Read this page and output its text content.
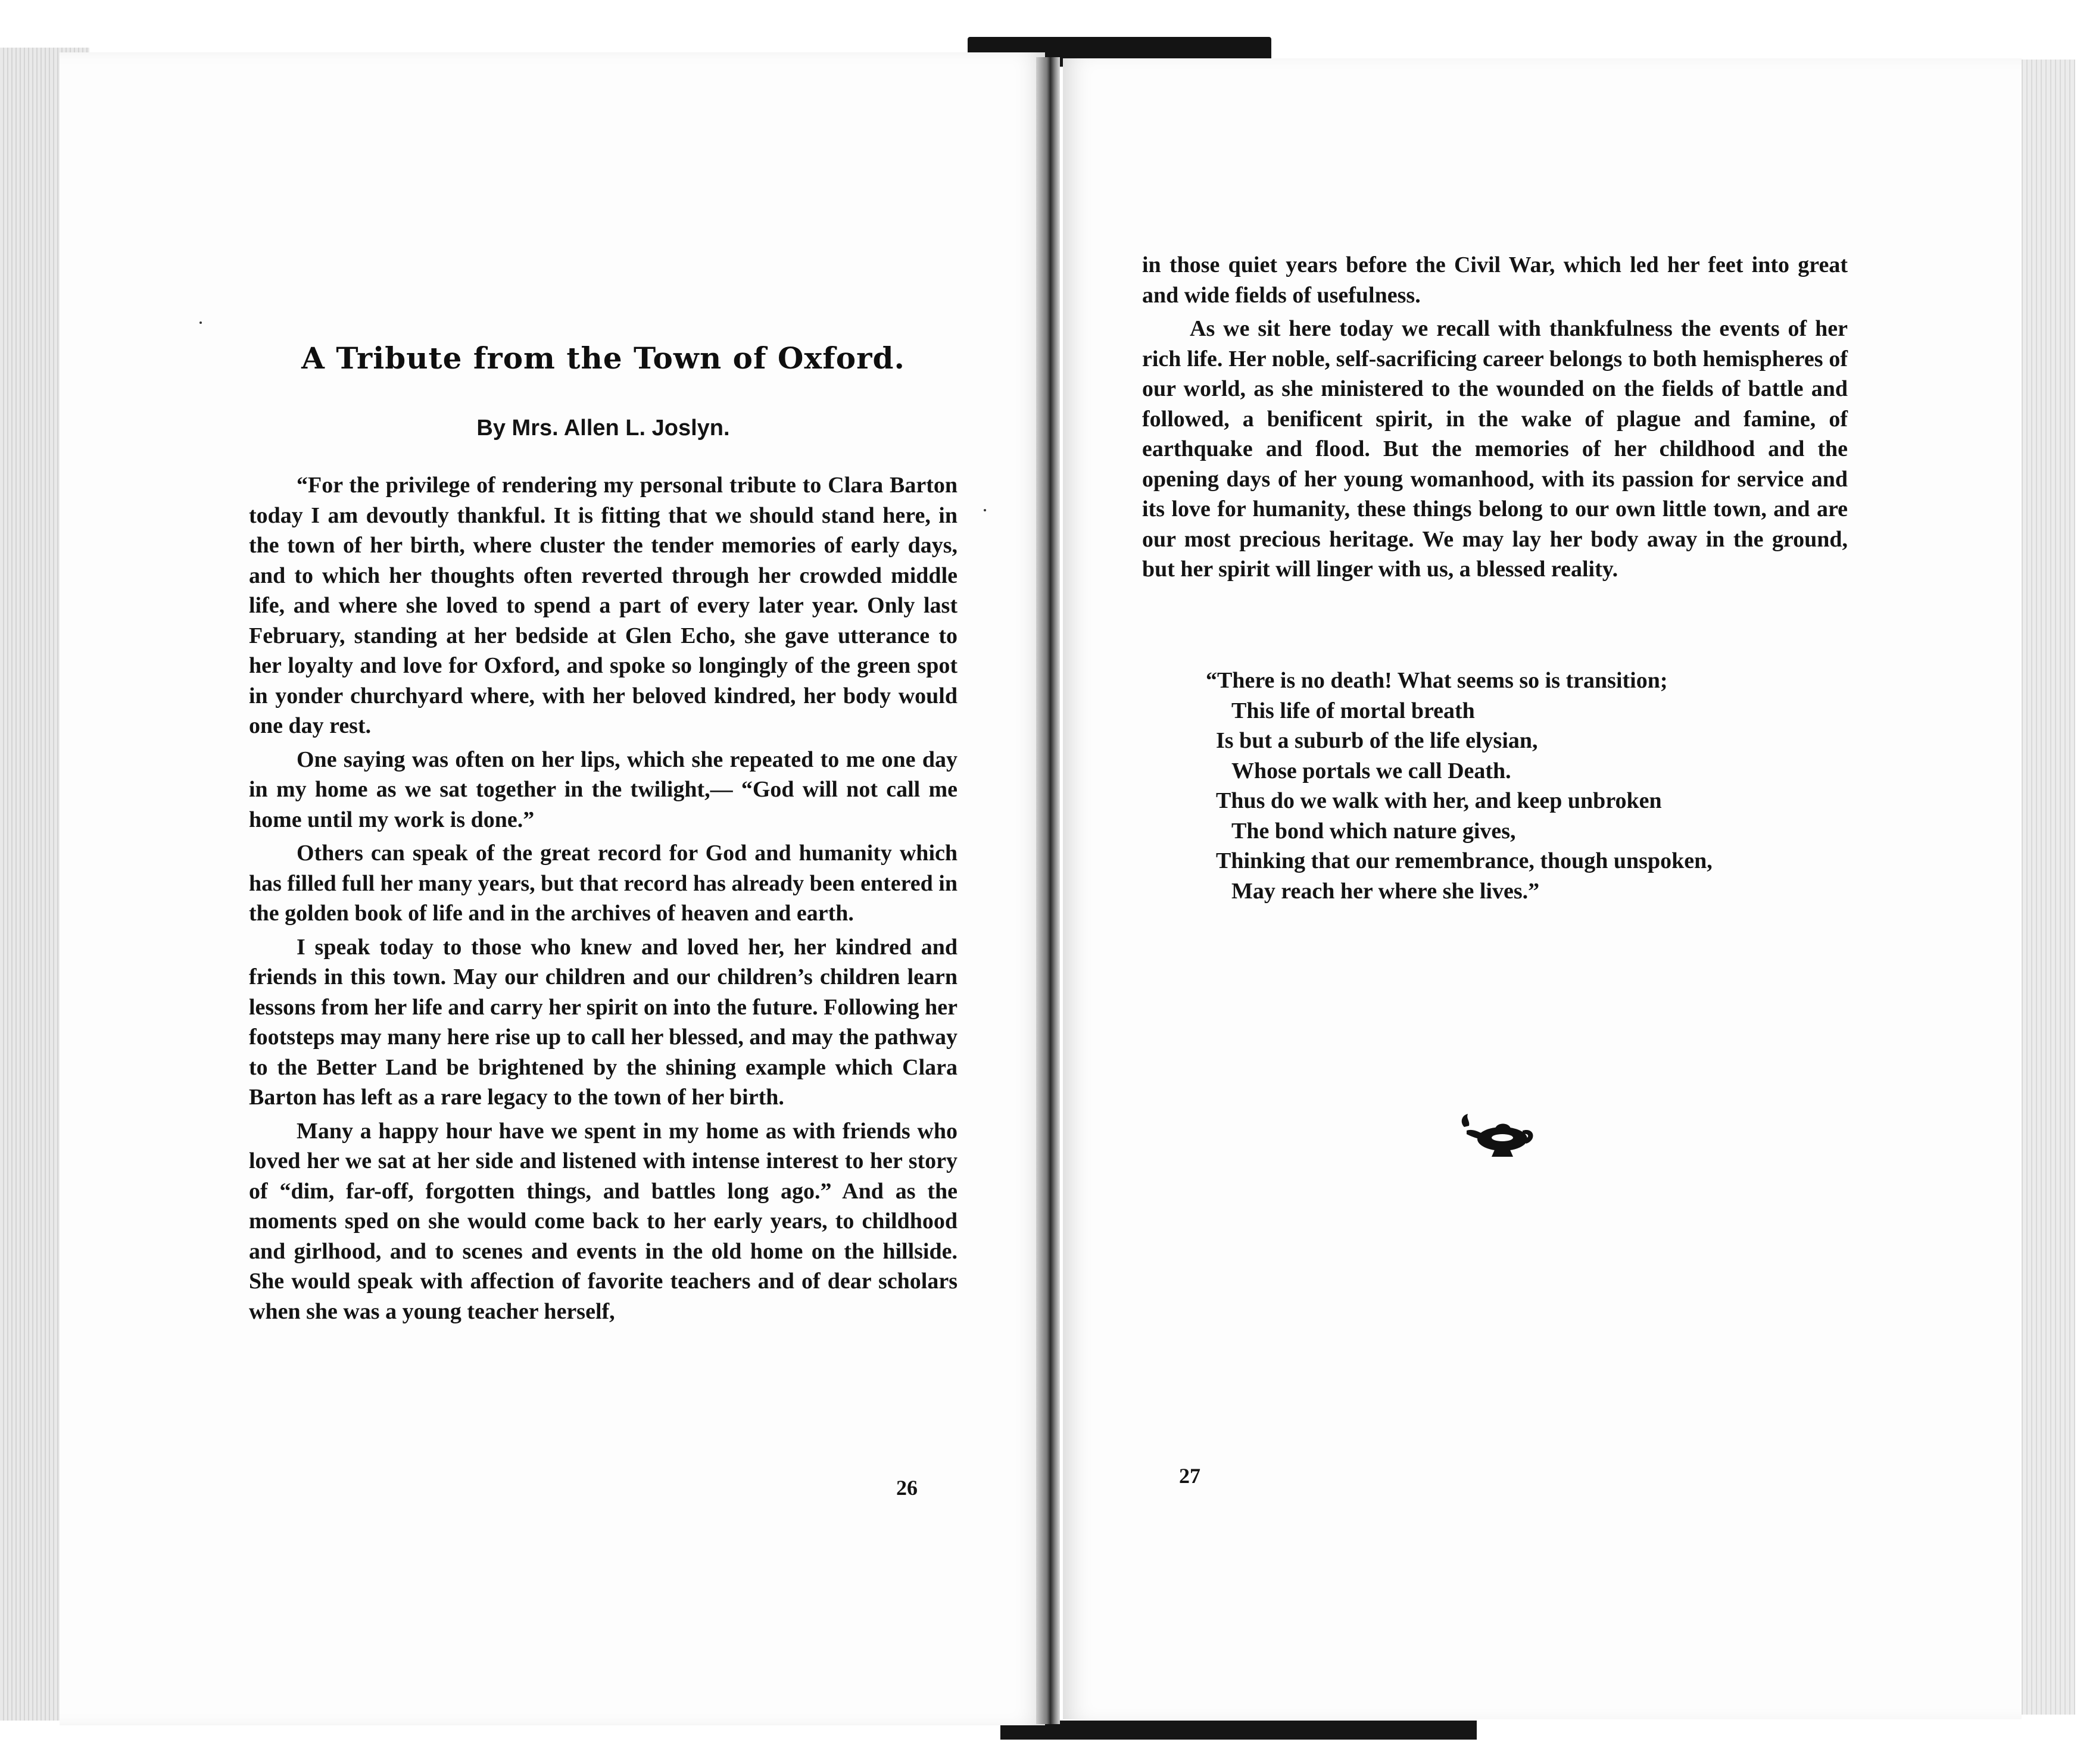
A Tribute from the Town of Oxford.
By Mrs. Allen L. Joslyn.

“For the privilege of rendering my personal tribute to Clara Barton today I am devoutly thankful. It is fitting that we should stand here, in the town of her birth, where cluster the tender memories of early days, and to which her thoughts often reverted through her crowded middle life, and where she loved to spend a part of every later year. Only last February, standing at her bedside at Glen Echo, she gave utterance to her loyalty and love for Oxford, and spoke so longingly of the green spot in yonder churchyard where, with her beloved kindred, her body would one day rest.

One saying was often on her lips, which she repeated to me one day in my home as we sat together in the twilight,— “God will not call me home until my work is done.”

Others can speak of the great record for God and humanity which has filled full her many years, but that record has already been entered in the golden book of life and in the archives of heaven and earth.

I speak today to those who knew and loved her, her kindred and friends in this town. May our children and our children’s children learn lessons from her life and carry her spirit on into the future. Following her footsteps may many here rise up to call her blessed, and may the pathway to the Better Land be brightened by the shining example which Clara Barton has left as a rare legacy to the town of her birth.

Many a happy hour have we spent in my home as with friends who loved her we sat at her side and listened with intense interest to her story of “dim, far-off, forgotten things, and battles long ago.” And as the moments sped on she would come back to her early years, to childhood and girlhood, and to scenes and events in the old home on the hillside. She would speak with affection of favorite teachers and of dear scholars when she was a young teacher herself,

26

in those quiet years before the Civil War, which led her feet into great and wide fields of usefulness.

As we sit here today we recall with thankfulness the events of her rich life. Her noble, self-sacrificing career belongs to both hemispheres of our world, as she ministered to the wounded on the fields of battle and followed, a benificent spirit, in the wake of plague and famine, of earthquake and flood. But the memories of her childhood and the opening days of her young womanhood, with its passion for service and its love for humanity, these things belong to our own little town, and are our most precious heritage. We may lay her body away in the ground, but her spirit will linger with us, a blessed reality.

“There is no death! What seems so is transition;
This life of mortal breath
Is but a suburb of the life elysian,
Whose portals we call Death.
Thus do we walk with her, and keep unbroken
The bond which nature gives,
Thinking that our remembrance, though unspoken,
May reach her where she lives.”
27
